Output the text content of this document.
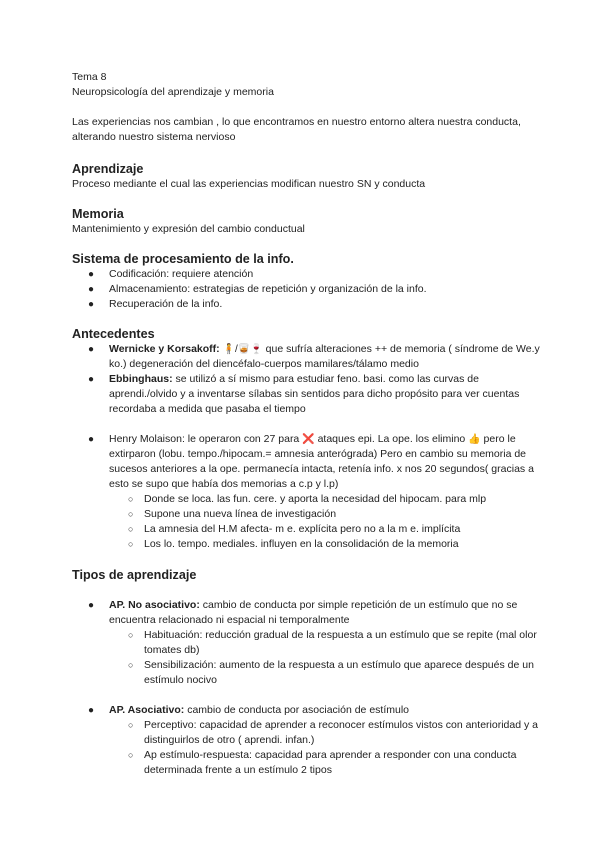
Tema 8
Neuropsicología del aprendizaje y memoria
Las experiencias nos cambian , lo que encontramos en nuestro entorno altera nuestra conducta, alterando nuestro sistema nervioso
Aprendizaje
Proceso mediante el cual las experiencias modifican nuestro SN y conducta
Memoria
Mantenimiento y expresión del cambio conductual
Sistema de procesamiento de la info.
● Codificación: requiere atención
● Almacenamiento: estrategias de repetición y organización de la info.
● Recuperación de la info.
Antecedentes
● Wernicke y Korsakoff: 🧍/🥃🍷 que sufría alteraciones ++ de memoria ( síndrome de We.y ko.) degeneración del diencéfalo-cuerpos mamilares/tálamo medio
● Ebbinghaus: se utilizó a sí mismo para estudiar feno. basi. como las curvas de aprendi./olvido y a inventarse sílabas sin sentidos para dicho propósito para ver cuentas recordaba a medida que pasaba el tiempo
● Henry Molaison: le operaron con 27 para ❌ ataques epi. La ope. los elimino 👍 pero le extirparon (lobu. tempo./hipocam.= amnesia anterógrada) Pero en cambio su memoria de sucesos anteriores a la ope. permanecía intacta, retenía info. x nos 20 segundos( gracias a esto se supo que había dos memorias a c.p y l.p)
○ Donde se loca. las fun. cere. y aporta la necesidad del hipocam. para mlp
○ Supone una nueva línea de investigación
○ La amnesia del H.M afecta- m e. explícita pero no a la m e. implícita
○ Los lo. tempo. mediales. influyen en la consolidación de la memoria
Tipos de aprendizaje
● AP. No asociativo: cambio de conducta por simple repetición de un estímulo que no se encuentra relacionado ni espacial ni temporalmente
○ Habituación: reducción gradual de la respuesta a un estímulo que se repite (mal olor tomates db)
○ Sensibilización: aumento de la respuesta a un estímulo que aparece después de un estímulo nocivo
● AP. Asociativo: cambio de conducta por asociación de estímulo
○ Perceptivo: capacidad de aprender a reconocer estímulos vistos con anterioridad y a distinguirlos de otro ( aprendi. infan.)
○ Ap estímulo-respuesta: capacidad para aprender a responder con una conducta determinada frente a un estímulo 2 tipos
